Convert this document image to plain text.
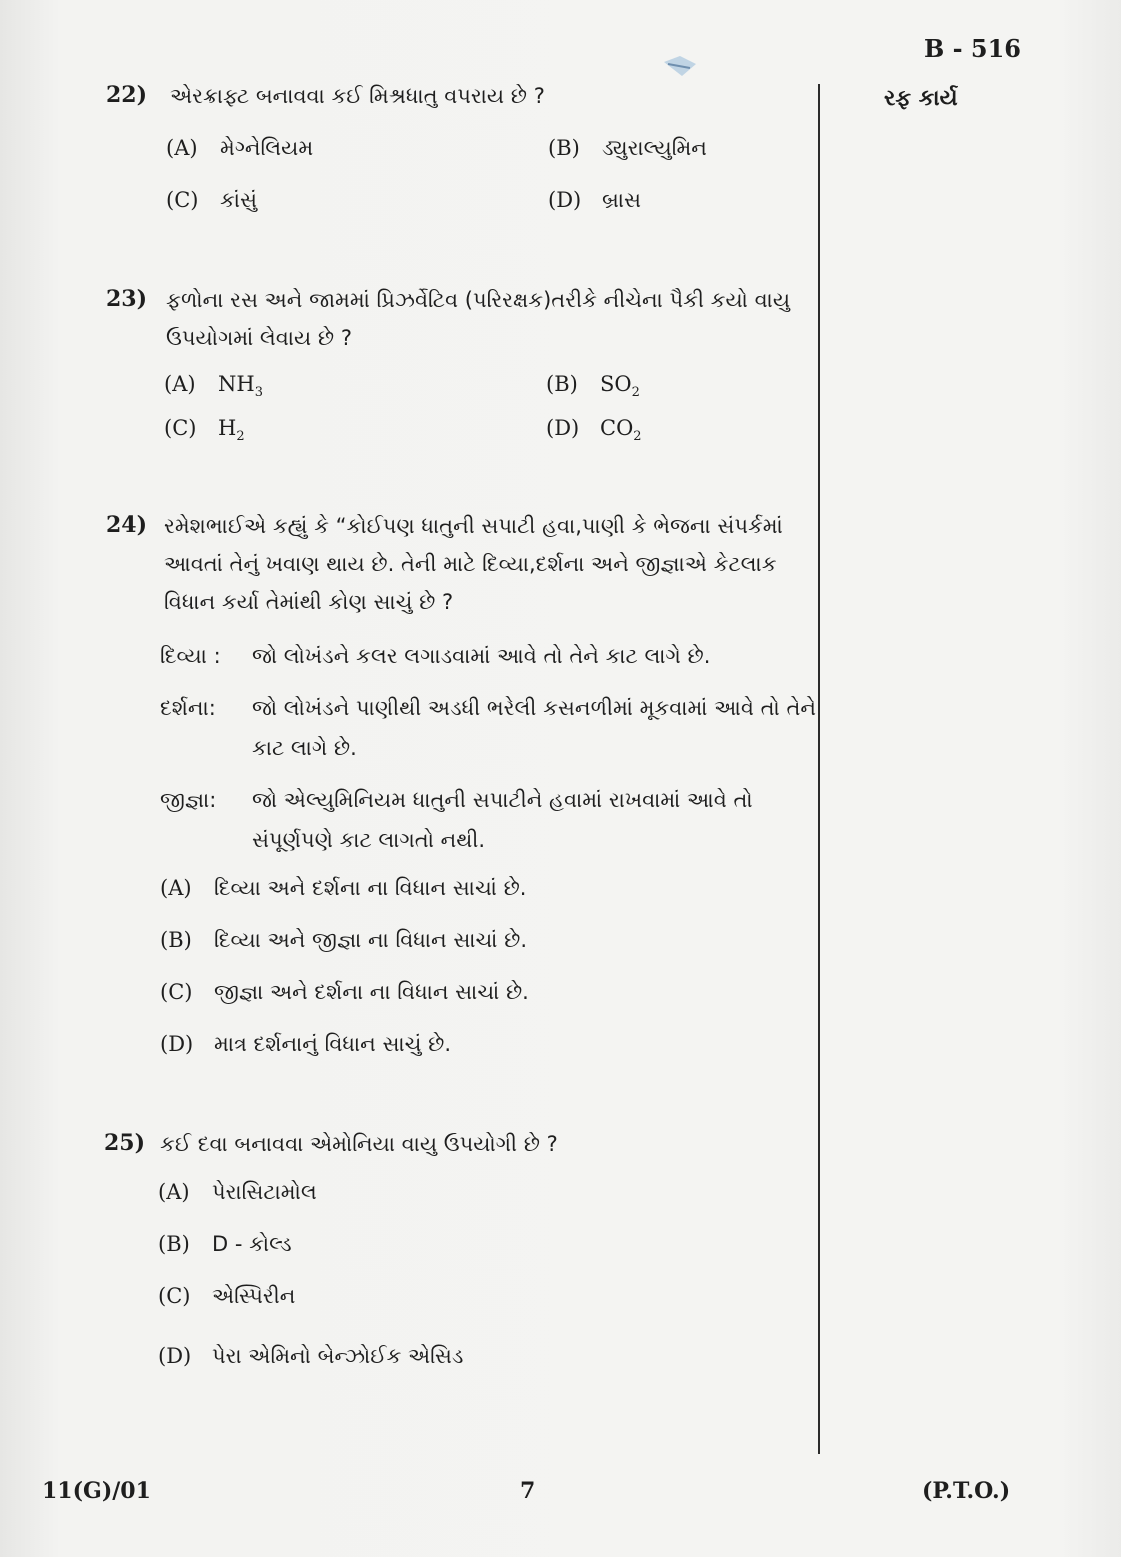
B - 516
રફ કાર્ય
22) એરક્રાફ્ટ બનાવવા કઈ મિશ્રધાતુ વપરાય છે ?
(A) મેગ્નેલિયમ	(B) ડ્યુરાલ્યુમિન
(C) કાંસું	(D) બ્રાસ
23) ફળોના રસ અને જામમાં પ્રિઝર્વેટિવ (પરિરક્ષક)તરીકે નીચેના પૈકી કયો વાયુ
ઉપયોગમાં લેવાય છે ?
(A) $NH_3$	(B) $SO_2$
(C) $H_2$	(D) $CO_2$
24) રમેશભાઈએ કહ્યું કે “કોઈપણ ધાતુની સપાટી હવા,પાણી કે ભેજના સંપર્કમાં
આવતાં તેનું ખવાણ થાય છે. તેની માટે દિવ્યા,દર્શના અને જીજ્ઞાએ કેટલાક
વિધાન કર્યા તેમાંથી કોણ સાચું છે ?
દિવ્યા :	જો લોખંડને કલર લગાડવામાં આવે તો તેને કાટ લાગે છે.
દર્શના:	જો લોખંડને પાણીથી અડધી ભરેલી કસનળીમાં મૂકવામાં આવે તો તેને કાટ લાગે છે.
જીજ્ઞા:	જો એલ્યુમિનિયમ ધાતુની સપાટીને હવામાં રાખવામાં આવે તો સંપૂર્ણપણે કાટ લાગતો નથી.
(A) દિવ્યા અને દર્શના ના વિધાન સાચાં છે.
(B) દિવ્યા અને જીજ્ઞા ના વિધાન સાચાં છે.
(C) જીજ્ઞા અને દર્શના ના વિધાન સાચાં છે.
(D) માત્ર દર્શનાનું વિધાન સાચું છે.
25) કઈ દવા બનાવવા એમોનિયા વાયુ ઉપયોગી છે ?
(A) પેરાસિટામોલ
(B) D - કોલ્ડ
(C) એસ્પિરીન
(D) પેરા એમિનો બેન્ઝોઈક એસિડ
11(G)/01	7	(P.T.O.)
